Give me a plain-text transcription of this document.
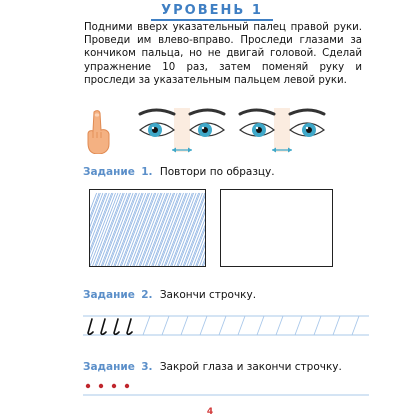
УРОВЕНЬ 1
Подними вверх указательный палец правой руки. Проведи им влево-вправо. Проследи глазами за кончиком пальца, но не двигай головой. Сделай упражнение 10 раз, затем поменяй руку и проследи за указательным пальцем левой руки.
Задание 1. Повтори по образцу.
Задание 2. Закончи строчку.
Задание 3. Закрой глаза и закончи строчку.
4
